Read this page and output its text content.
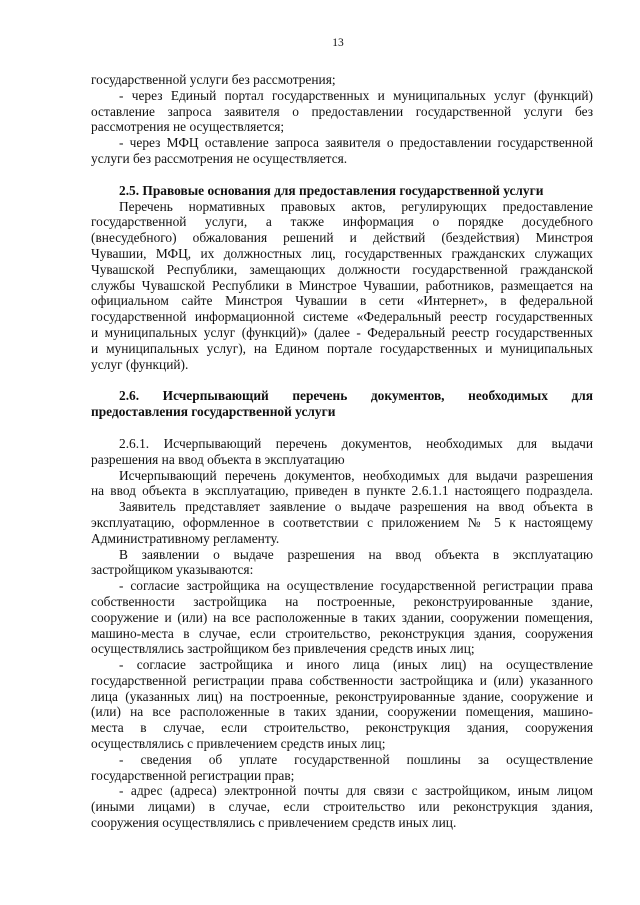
13
государственной услуги без рассмотрения;
- через Единый портал государственных и муниципальных услуг (функций)
оставление запроса заявителя о предоставлении государственной услуги без
рассмотрения не осуществляется;
- через МФЦ оставление запроса заявителя о предоставлении государственной
услуги без рассмотрения не осуществляется.
2.5. Правовые основания для предоставления государственной услуги
Перечень нормативных правовых актов, регулирующих предоставление
государственной услуги, а также информация о порядке досудебного
(внесудебного) обжалования решений и действий (бездействия) Минстроя
Чувашии, МФЦ, их должностных лиц, государственных гражданских служащих
Чувашской Республики, замещающих должности государственной гражданской
службы Чувашской Республики в Минстрое Чувашии, работников, размещается на
официальном сайте Минстроя Чувашии в сети «Интернет», в федеральной
государственной информационной системе «Федеральный реестр государственных
и муниципальных услуг (функций)» (далее - Федеральный реестр государственных
и муниципальных услуг), на Едином портале государственных и муниципальных
услуг (функций).
2.6. Исчерпывающий перечень документов, необходимых для
предоставления государственной услуги
2.6.1. Исчерпывающий перечень документов, необходимых для выдачи
разрешения на ввод объекта в эксплуатацию
Исчерпывающий перечень документов, необходимых для выдачи разрешения
на ввод объекта в эксплуатацию, приведен в пункте 2.6.1.1 настоящего подраздела.
Заявитель представляет заявление о выдаче разрешения на ввод объекта в
эксплуатацию, оформленное в соответствии с приложением № 5 к настоящему
Административному регламенту.
В заявлении о выдаче разрешения на ввод объекта в эксплуатацию
застройщиком указываются:
- согласие застройщика на осуществление государственной регистрации права
собственности застройщика на построенные, реконструированные здание,
сооружение и (или) на все расположенные в таких здании, сооружении помещения,
машино-места в случае, если строительство, реконструкция здания, сооружения
осуществлялись застройщиком без привлечения средств иных лиц;
- согласие застройщика и иного лица (иных лиц) на осуществление
государственной регистрации права собственности застройщика и (или) указанного
лица (указанных лиц) на построенные, реконструированные здание, сооружение и
(или) на все расположенные в таких здании, сооружении помещения, машино-
места в случае, если строительство, реконструкция здания, сооружения
осуществлялись с привлечением средств иных лиц;
- сведения об уплате государственной пошлины за осуществление
государственной регистрации прав;
- адрес (адреса) электронной почты для связи с застройщиком, иным лицом
(иными лицами) в случае, если строительство или реконструкция здания,
сооружения осуществлялись с привлечением средств иных лиц.
